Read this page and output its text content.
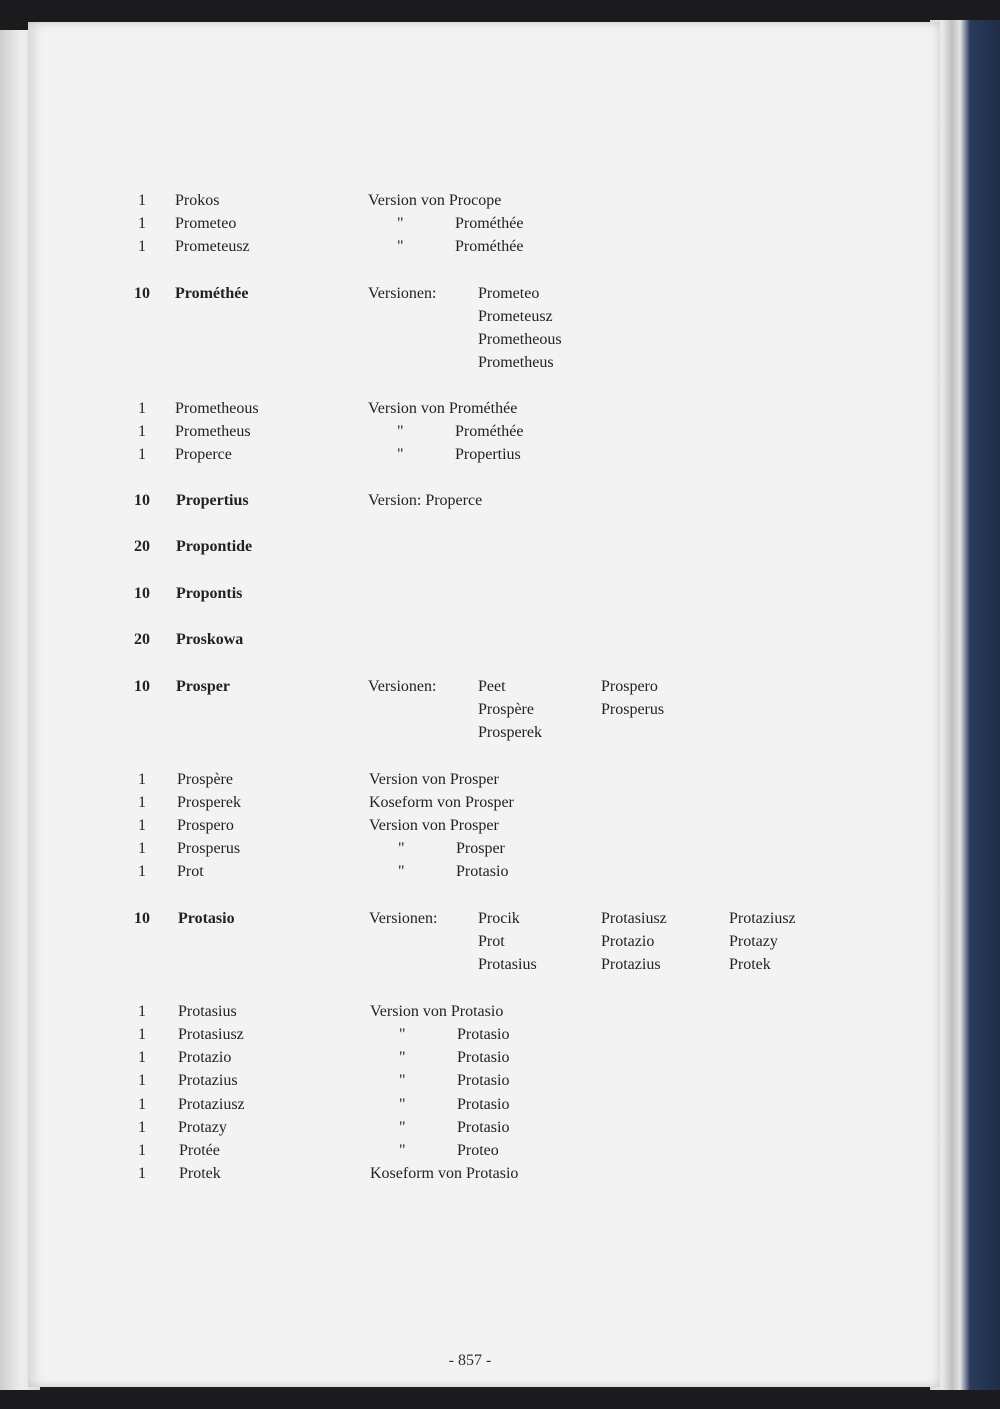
1	Prokos	Version von Procope
1	Prometeo	"	Prométhée
1	Prometeusz	"	Prométhée
10	Prométhée	Versionen:	Prometeo
Prometeusz
Prometheous
Prometheus
1	Prometheous	Version von Prométhée
1	Prometheus	"	Prométhée
1	Properce	"	Propertius
10	Propertius	Version: Properce
20	Propontide
10	Propontis
20	Proskowa
10	Prosper	Versionen:	Peet	Prospero
Prospère	Prosperus
Prosperek
1	Prospère	Version von Prosper
1	Prosperek	Koseform von Prosper
1	Prospero	Version von Prosper
1	Prosperus	"	Prosper
1	Prot	"	Protasio
10	Protasio	Versionen:	Procik	Protasiusz	Protaziusz
Prot	Protazio	Protazy
Protasius	Protazius	Protek
1	Protasius	Version von Protasio
1	Protasiusz	"	Protasio
1	Protazio	"	Protasio
1	Protazius	"	Protasio
1	Protaziusz	"	Protasio
1	Protazy	"	Protasio
1	Protée	"	Proteo
1	Protek	Koseform von Protasio
- 857 -
